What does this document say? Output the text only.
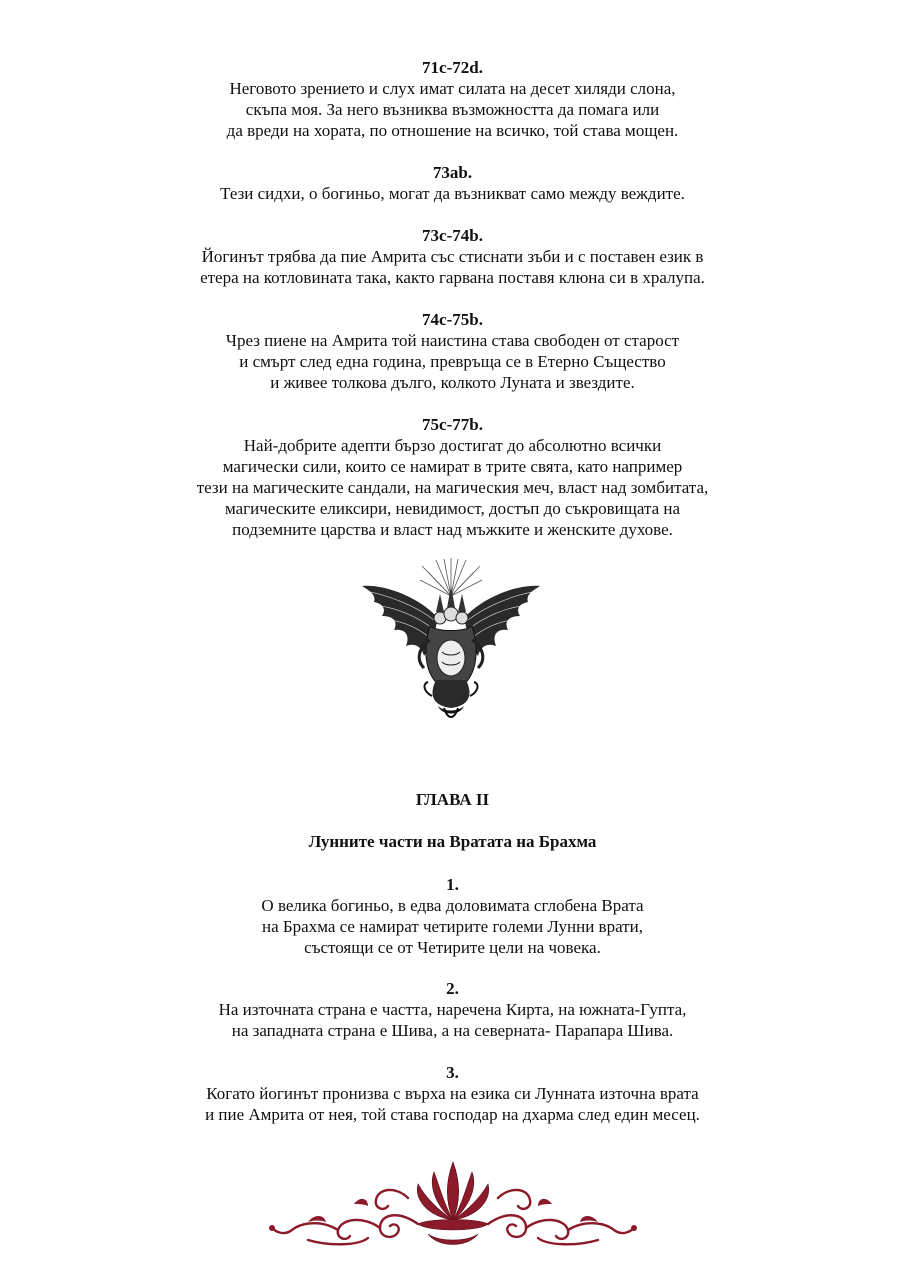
71c-72d.
Неговото зрението и слух имат силата на десет хиляди слона,
скъпа моя. За него възниква възможността да помага или
да вреди на хората, по отношение на всичко, той става мощен.
73ab.
Тези сидхи, о богиньо, могат да възникват само между веждите.
73c-74b.
Йогинът трябва да пие Амрита със стиснати зъби и с поставен език в
етера на котловината така, както гарвана поставя клюна си в хралупа.
74c-75b.
Чрез пиене на Амрита той наистина става свободен от старост
и смърт след една година, превръща се в Етерно Същество
и живее толкова дълго, колкото Луната и звездите.
75c-77b.
Най-добрите адепти бързо достигат до абсолютно всички
магически сили, които се намират в трите свята, като например
тези на магическите сандали, на магическия меч, власт над зомбитата,
магическите еликсири, невидимост, достъп до съкровищата на
подземните царства и власт над мъжките и женските духове.
ГЛАВА II
Лунните части на Вратата на Брахма
1.
О велика богиньо, в едва доловимата сглобена Врата
на Брахма се намират четирите големи Лунни врати,
състоящи се от Четирите цели на човека.
2.
На източната страна е частта, наречена Кирта, на южната-Гупта,
на западната страна е Шива, а на северната- Парапара Шива.
3.
Когато йогинът пронизва с върха на езика си Лунната източна врата
и пие Амрита от нея, той става господар на дхарма след един месец.
